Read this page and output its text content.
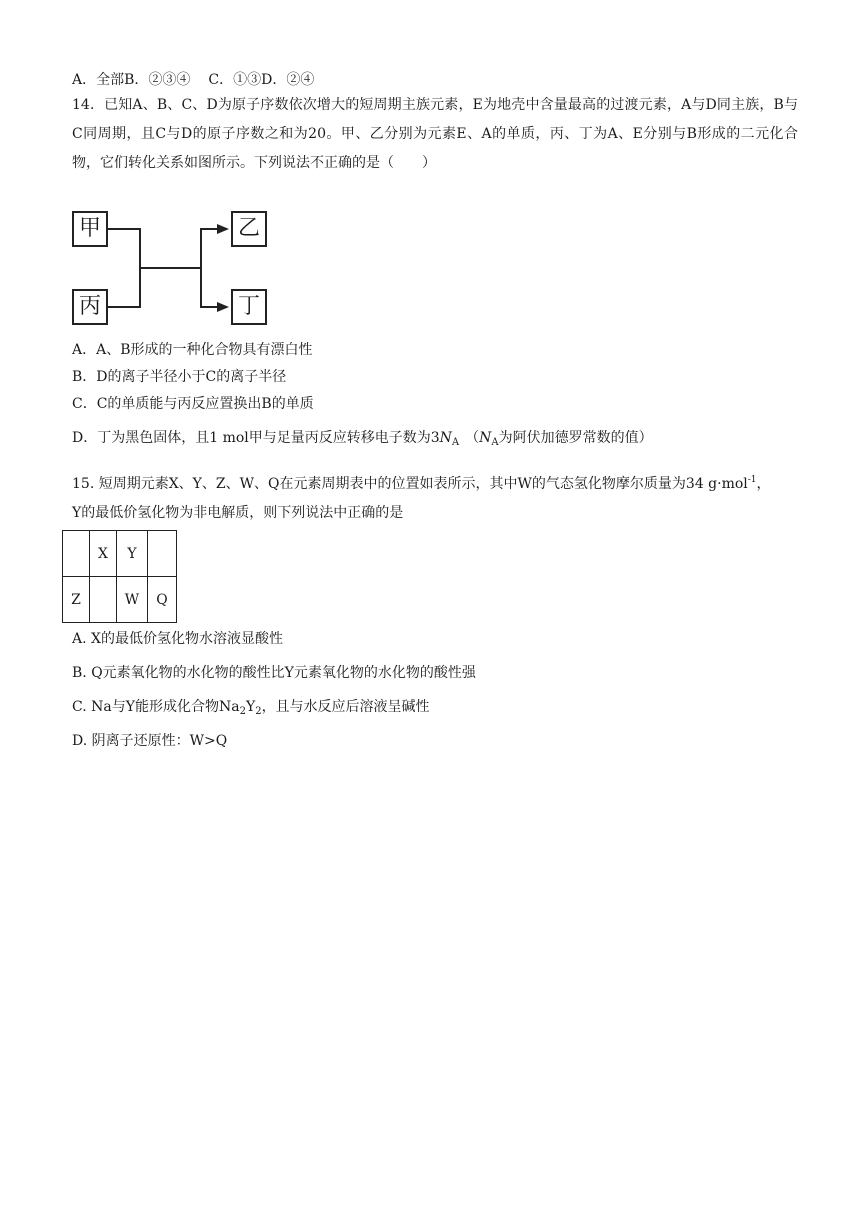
A．全部B．②③④ C．①③D．②④
14．已知A、B、C、D为原子序数依次增大的短周期主族元素，E为地壳中含量最高的过渡元素，A与D同主族，B与C同周期，且C与D的原子序数之和为20。甲、乙分别为元素E、A的单质，丙、丁为A、E分别与B形成的二元化合物，它们转化关系如图所示。下列说法不正确的是（　　）
甲
丙
乙
丁
A．A、B形成的一种化合物具有漂白性
B．D的离子半径小于C的离子半径
C．C的单质能与丙反应置换出B的单质
D．丁为黑色固体，且1 mol甲与足量丙反应转移电子数为$3N_A$ （$N_A$为阿伏加德罗常数的值）
15. 短周期元素X、Y、Z、W、Q在元素周期表中的位置如表所示，其中W的气态氢化物摩尔质量为34 g·mol$^{-1}$，
Y的最低价氢化物为非电解质，则下列说法中正确的是
	X	Y	
Z		W	Q
A. X的最低价氢化物水溶液显酸性
B. Q元素氧化物的水化物的酸性比Y元素氧化物的水化物的酸性强
C. Na与Y能形成化合物$Na_2Y_2$，且与水反应后溶液呈碱性
D. 阴离子还原性：W>Q
